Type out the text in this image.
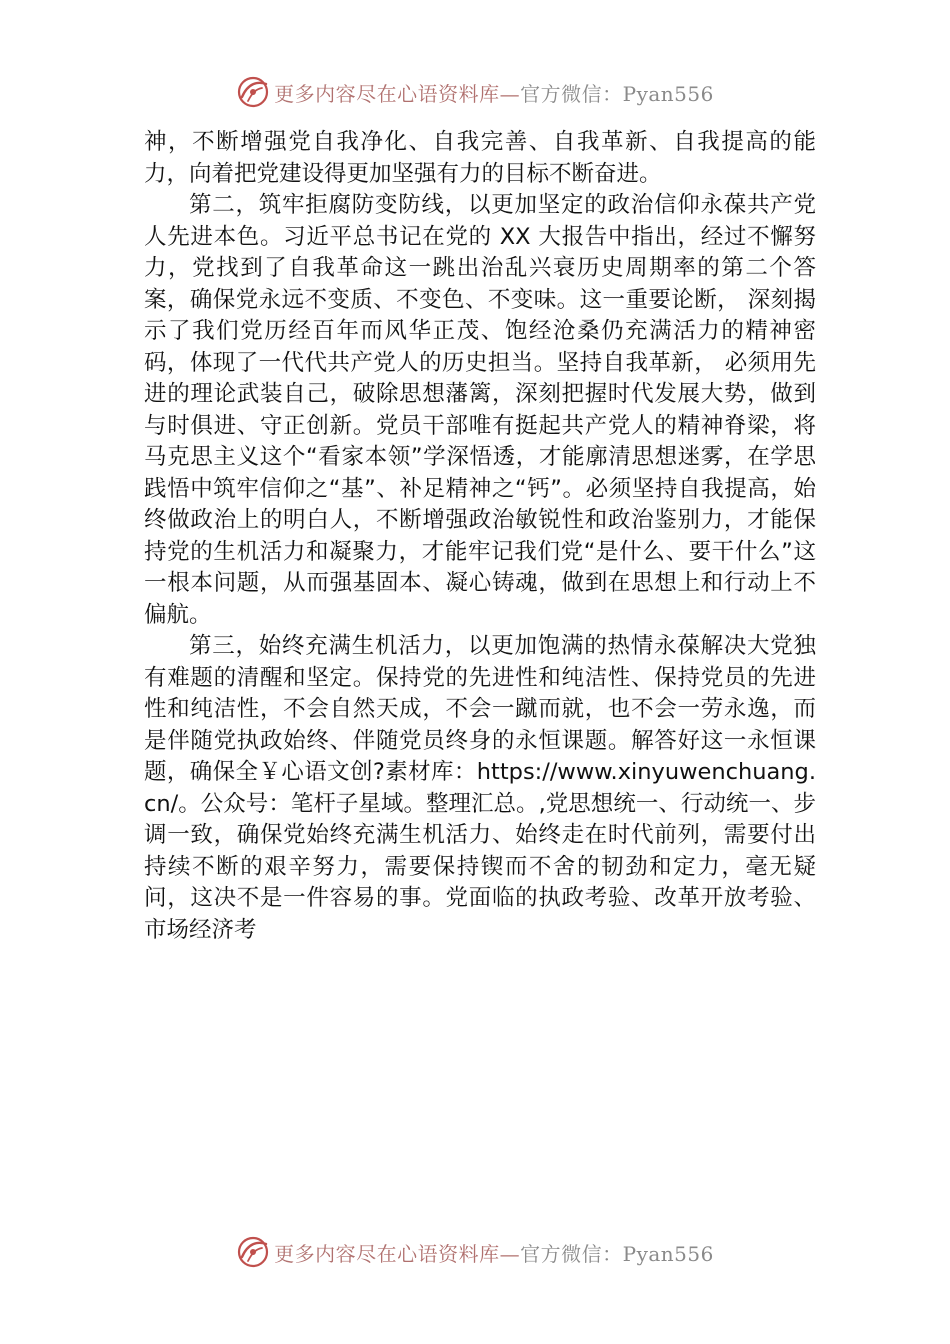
更多内容尽在心语资料库—官方微信：Pyan556

神，不断增强党自我净化、自我完善、自我革新、自我提高的能力，向着把党建设得更加坚强有力的目标不断奋进。

第二，筑牢拒腐防变防线，以更加坚定的政治信仰永葆共产党人先进本色。习近平总书记在党的 XX 大报告中指出，经过不懈努力，党找到了自我革命这一跳出治乱兴衰历史周期率的第二个答案，确保党永远不变质、不变色、不变味。这一重要论断， 深刻揭示了我们党历经百年而风华正茂、饱经沧桑仍充满活力的精神密码，体现了一代代共产党人的历史担当。坚持自我革新， 必须用先进的理论武装自己，破除思想藩篱，深刻把握时代发展大势，做到与时俱进、守正创新。党员干部唯有挺起共产党人的精神脊梁，将马克思主义这个“看家本领”学深悟透，才能廓清思想迷雾，在学思践悟中筑牢信仰之“基”、补足精神之“钙”。必须坚持自我提高，始终做政治上的明白人，不断增强政治敏锐性和政治鉴别力，才能保持党的生机活力和凝聚力，才能牢记我们党“是什么、要干什么”这一根本问题，从而强基固本、凝心铸魂，做到在思想上和行动上不偏航。

第三，始终充满生机活力，以更加饱满的热情永葆解决大党独有难题的清醒和坚定。保持党的先进性和纯洁性、保持党员的先进性和纯洁性，不会自然天成，不会一蹴而就，也不会一劳永逸，而是伴随党执政始终、伴随党员终身的永恒课题。解答好这一永恒课题，确保全￥心语文创?素材库：https://www.xinyuwenchuang.cn/。公众号：笔杆子星域。整理汇总。,党思想统一、行动统一、步调一致，确保党始终充满生机活力、始终走在时代前列，需要付出持续不断的艰辛努力，需要保持锲而不舍的韧劲和定力，毫无疑问，这决不是一件容易的事。党面临的执政考验、改革开放考验、市场经济考

更多内容尽在心语资料库—官方微信：Pyan556
